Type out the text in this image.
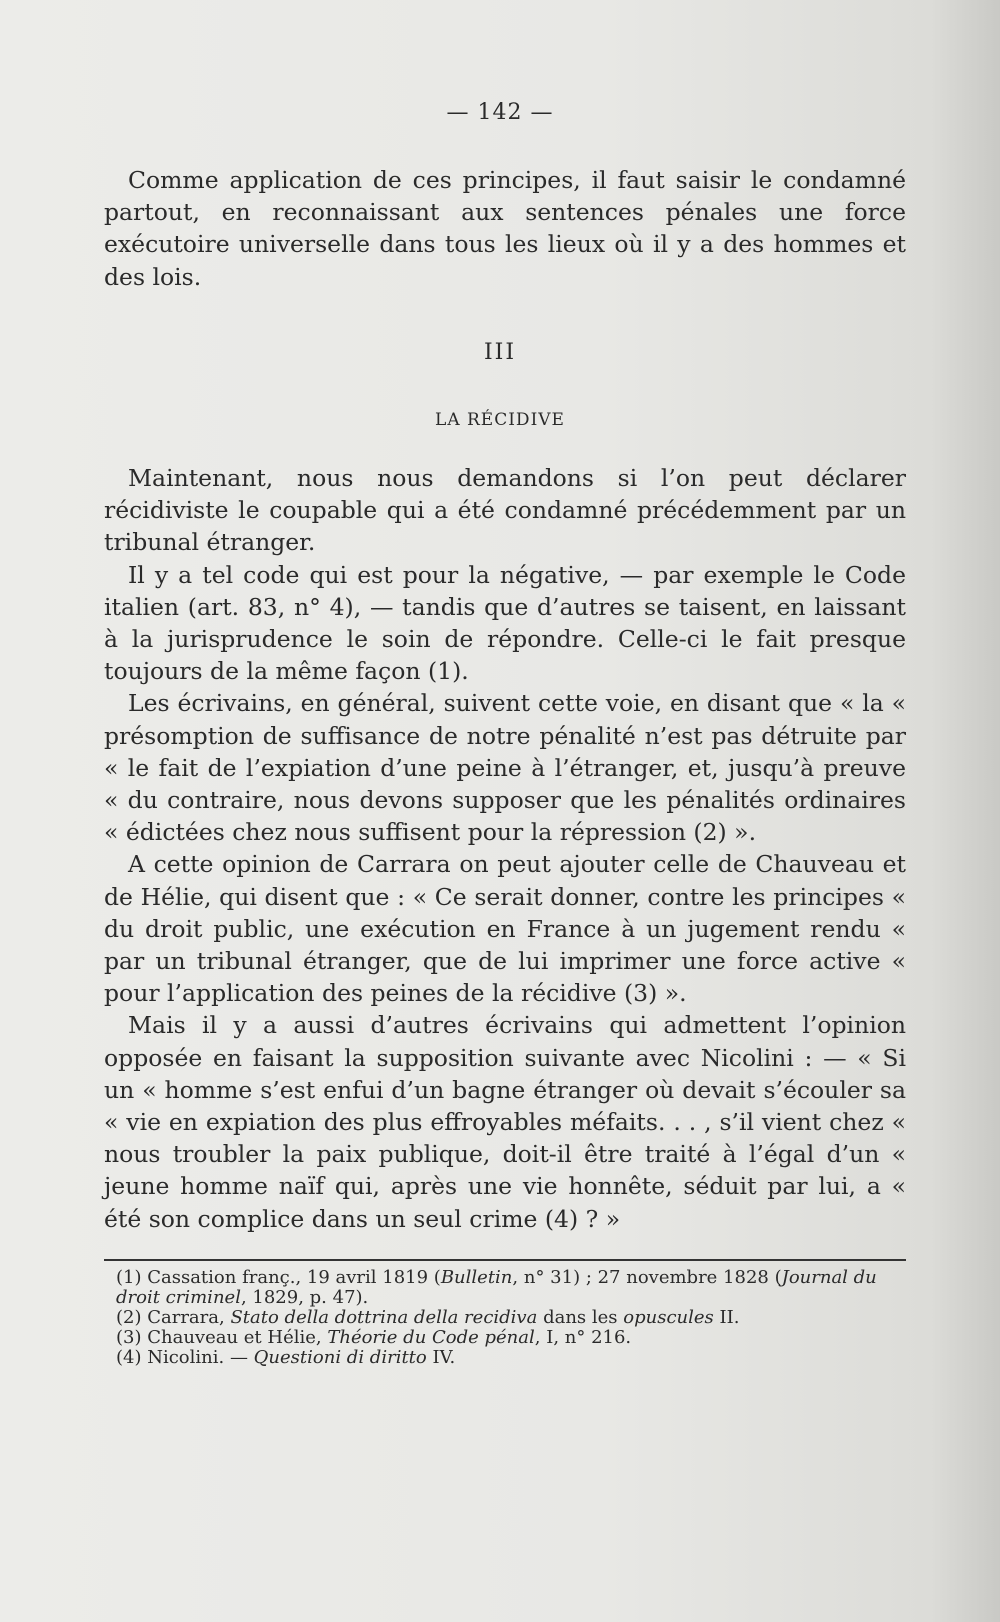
— 142 —

Comme application de ces principes, il faut saisir le condamné partout, en reconnaissant aux sentences pénales une force exécutoire universelle dans tous les lieux où il y a des hommes et des lois.

III
LA RÉCIDIVE

Maintenant, nous nous demandons si l’on peut déclarer récidiviste le coupable qui a été condamné précédemment par un tribunal étranger.

Il y a tel code qui est pour la négative, — par exemple le Code italien (art. 83, n° 4), — tandis que d’autres se taisent, en laissant à la jurisprudence le soin de répondre. Celle-ci le fait presque toujours de la même façon (1).

Les écrivains, en général, suivent cette voie, en disant que « la « présomption de suffisance de notre pénalité n’est pas détruite par « le fait de l’expiation d’une peine à l’étranger, et, jusqu’à preuve « du contraire, nous devons supposer que les pénalités ordinaires « édictées chez nous suffisent pour la répression (2) ».

A cette opinion de Carrara on peut ajouter celle de Chauveau et de Hélie, qui disent que : « Ce serait donner, contre les principes « du droit public, une exécution en France à un jugement rendu « par un tribunal étranger, que de lui imprimer une force active « pour l’application des peines de la récidive (3) ».

Mais il y a aussi d’autres écrivains qui admettent l’opinion opposée en faisant la supposition suivante avec Nicolini : — « Si un « homme s’est enfui d’un bagne étranger où devait s’écouler sa « vie en expiation des plus effroyables méfaits. . . , s’il vient chez « nous troubler la paix publique, doit-il être traité à l’égal d’un « jeune homme naïf qui, après une vie honnête, séduit par lui, a « été son complice dans un seul crime (4) ? »

(1) Cassation franç., 19 avril 1819 (Bulletin, n° 31) ; 27 novembre 1828 (Journal du droit criminel, 1829, p. 47).

(2) Carrara, Stato della dottrina della recidiva dans les opuscules II.

(3) Chauveau et Hélie, Théorie du Code pénal, I, n° 216.

(4) Nicolini. — Questioni di diritto IV.
